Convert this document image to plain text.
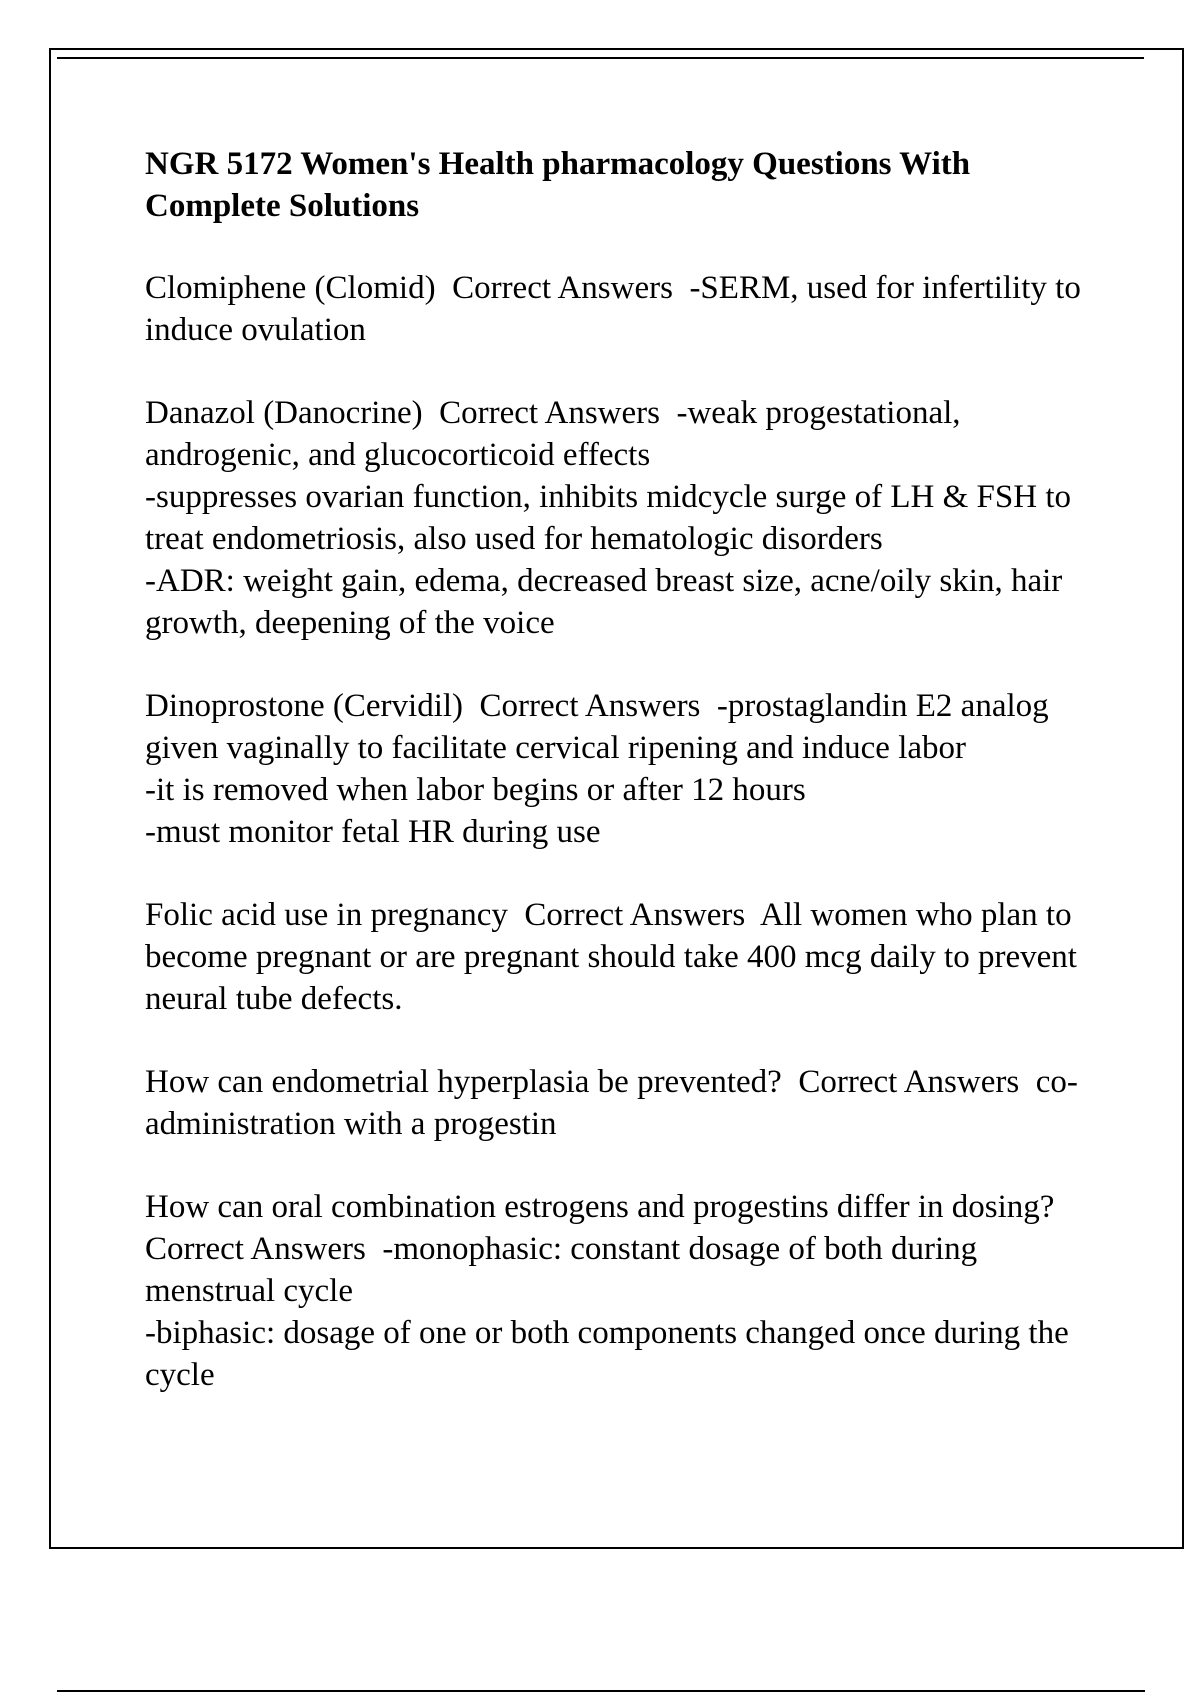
NGR 5172 Women's Health pharmacology Questions With Complete Solutions
Clomiphene (Clomid) Correct Answers -SERM, used for infertility to induce ovulation
Danazol (Danocrine) Correct Answers -weak progestational, androgenic, and glucocorticoid effects
-suppresses ovarian function, inhibits midcycle surge of LH & FSH to treat endometriosis, also used for hematologic disorders
-ADR: weight gain, edema, decreased breast size, acne/oily skin, hair growth, deepening of the voice
Dinoprostone (Cervidil) Correct Answers -prostaglandin E2 analog given vaginally to facilitate cervical ripening and induce labor
-it is removed when labor begins or after 12 hours
-must monitor fetal HR during use
Folic acid use in pregnancy Correct Answers All women who plan to become pregnant or are pregnant should take 400 mcg daily to prevent neural tube defects.
How can endometrial hyperplasia be prevented? Correct Answers co-administration with a progestin
How can oral combination estrogens and progestins differ in dosing?  Correct Answers -monophasic: constant dosage of both during menstrual cycle
-biphasic: dosage of one or both components changed once during the cycle
